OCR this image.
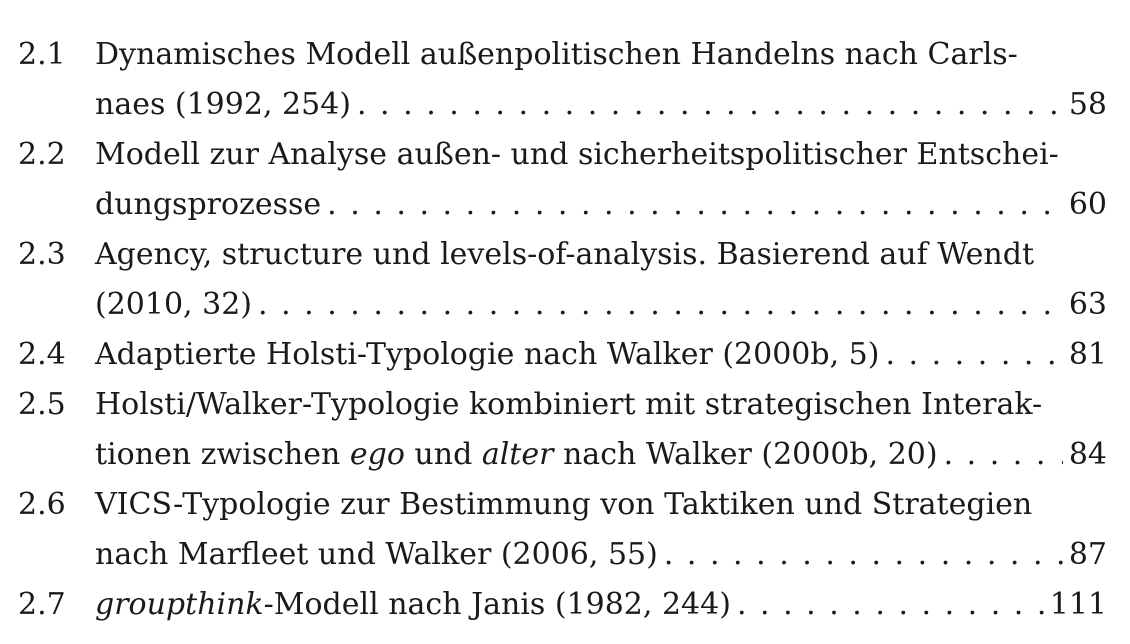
2.1 Dynamisches Modell außenpolitischen Handelns nach Carls-
naes (1992, 254) . . .	58
2.2 Modell zur Analyse außen- und sicherheitspolitischer Entschei-
dungsprozesse . . .	60
2.3 Agency, structure und levels-of-analysis. Basierend auf Wendt
(2010, 32) . . .	63
2.4 Adaptierte Holsti-Typologie nach Walker (2000b, 5) . . .	81
2.5 Holsti/Walker-Typologie kombiniert mit strategischen Interak-
tionen zwischen ego und alter nach Walker (2000b, 20) . . .	84
2.6 VICS-Typologie zur Bestimmung von Taktiken und Strategien
nach Marfleet und Walker (2006, 55) . . .	87
2.7 groupthink-Modell nach Janis (1982, 244) . . .	111
